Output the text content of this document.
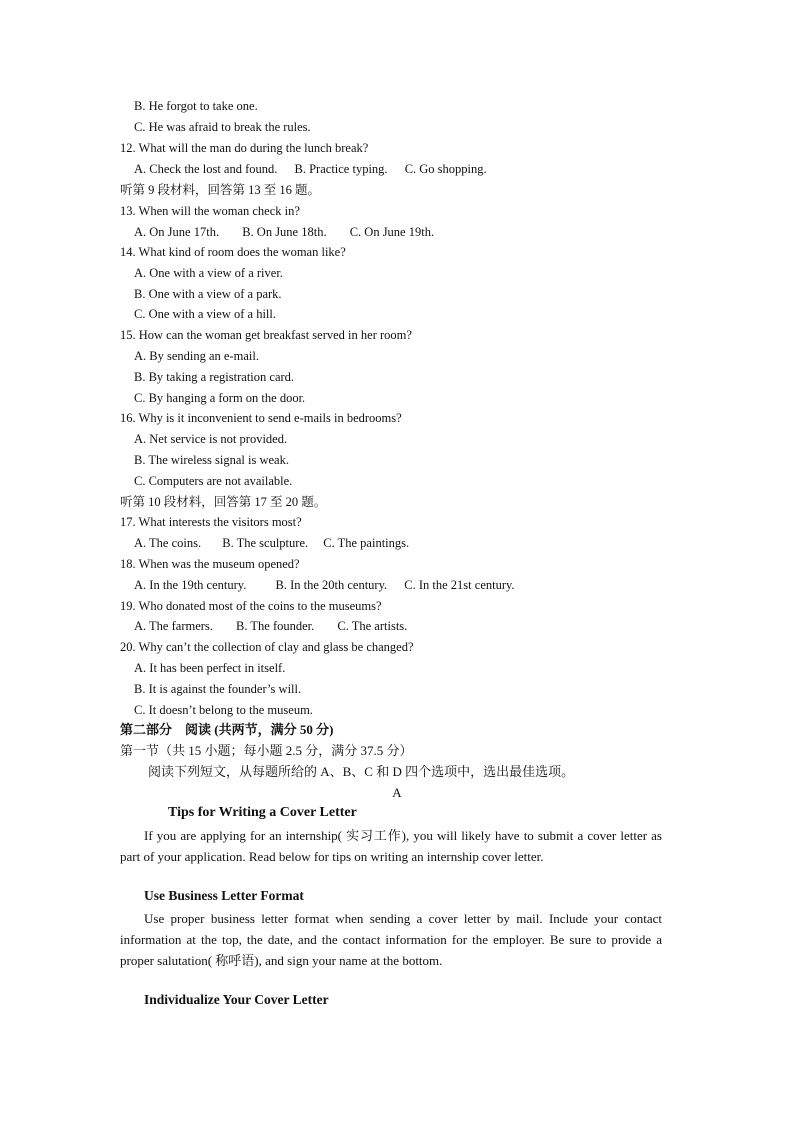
B. He forgot to take one.
C. He was afraid to break the rules.
12. What will the man do during the lunch break?
A. Check the lost and found. B. Practice typing. C. Go shopping.
听第 9 段材料，回答第 13 至 16 题。
13. When will the woman check in?
A. On June 17th. B. On June 18th. C. On June 19th.
14. What kind of room does the woman like?
A. One with a view of a river.
B. One with a view of a park.
C. One with a view of a hill.
15. How can the woman get breakfast served in her room?
A. By sending an e-mail.
B. By taking a registration card.
C. By hanging a form on the door.
16. Why is it inconvenient to send e-mails in bedrooms?
A. Net service is not provided.
B. The wireless signal is weak.
C. Computers are not available.
听第 10 段材料，回答第 17 至 20 题。
17. What interests the visitors most?
A. The coins. B. The sculpture. C. The paintings.
18. When was the museum opened?
A. In the 19th century. B. In the 20th century. C. In the 21st century.
19. Who donated most of the coins to the museums?
A. The farmers. B. The founder. C. The artists.
20. Why can’t the collection of clay and glass be changed?
A. It has been perfect in itself.
B. It is against the founder’s will.
C. It doesn’t belong to the museum.
第二部分　阅读 (共两节，满分 50 分)
第一节（共 15 小题；每小题 2.5 分，满分 37.5 分）
阅读下列短文，从每题所给的 A、B、C 和 D 四个选项中，选出最佳选项。
A
Tips for Writing a Cover Letter
If you are applying for an internship( 实习工作), you will likely have to submit a cover letter as part of your application. Read below for tips on writing an internship cover letter.
Use Business Letter Format
Use proper business letter format when sending a cover letter by mail. Include your contact information at the top, the date, and the contact information for the employer. Be sure to provide a proper salutation( 称呼语), and sign your name at the bottom.
Individualize Your Cover Letter
